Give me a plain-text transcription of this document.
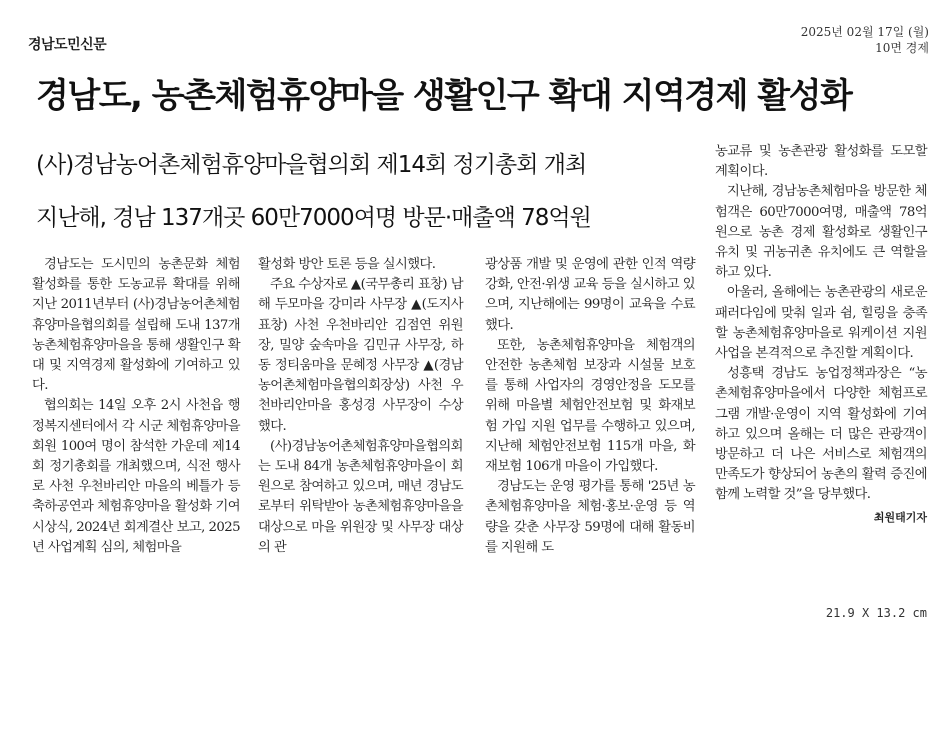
경남도민신문
2025년 02월 17일 (월)
10면 경제
경남도, 농촌체험휴양마을 생활인구 확대 지역경제 활성화
(사)경남농어촌체험휴양마을협의회 제14회 정기총회 개최
지난해, 경남 137개곳 60만7000여명 방문·매출액 78억원

경남도는 도시민의 농촌문화 체험 활성화를 통한 도농교류 확대를 위해 지난 2011년부터 (사)경남농어촌체험휴양마을협의회를 설립해 도내 137개 농촌체험휴양마을을 통해 생활인구 확대 및 지역경제 활성화에 기여하고 있다.

협의회는 14일 오후 2시 사천읍 행정복지센터에서 각 시군 체험휴양마을 회원 100여 명이 참석한 가운데 제14회 정기총회를 개최했으며, 식전 행사로 사천 우천바리안 마을의 베틀가 등 축하공연과 체험휴양마을 활성화 기여 시상식, 2024년 회계결산 보고, 2025년 사업계획 심의, 체험마을

활성화 방안 토론 등을 실시했다.

주요 수상자로 ▲(국무총리 표창) 남해 두모마을 강미라 사무장 ▲(도지사 표창) 사천 우천바리안 김점연 위원장, 밀양 숲속마을 김민규 사무장, 하동 정티움마을 문혜정 사무장 ▲(경남농어촌체험마을협의회장상) 사천 우천바리안마을 홍성경 사무장이 수상했다.

(사)경남농어촌체험휴양마을협의회는 도내 84개 농촌체험휴양마을이 회원으로 참여하고 있으며, 매년 경남도로부터 위탁받아 농촌체험휴양마을을 대상으로 마을 위원장 및 사무장 대상의 관

광상품 개발 및 운영에 관한 인적 역량강화, 안전·위생 교육 등을 실시하고 있으며, 지난해에는 99명이 교육을 수료했다.

또한, 농촌체험휴양마을 체험객의 안전한 농촌체험 보장과 시설물 보호를 통해 사업자의 경영안정을 도모를 위해 마을별 체험안전보험 및 화재보험 가입 지원 업무를 수행하고 있으며, 지난해 체험안전보험 115개 마을, 화재보험 106개 마을이 가입했다.

경남도는 운영 평가를 통해 '25년 농촌체험휴양마을 체험·홍보·운영 등 역량을 갖춘 사무장 59명에 대해 활동비를 지원해 도

농교류 및 농촌관광 활성화를 도모할 계획이다.

지난해, 경남농촌체험마을 방문한 체험객은 60만7000여명, 매출액 78억원으로 농촌 경제 활성화로 생활인구 유치 및 귀농귀촌 유치에도 큰 역할을 하고 있다.

아울러, 올해에는 농촌관광의 새로운 패러다임에 맞춰 일과 쉼, 힐링을 충족할 농촌체험휴양마을로 워케이션 지원사업을 본격적으로 추진할 계획이다.

성흥택 경남도 농업정책과장은 “농촌체험휴양마을에서 다양한 체험프로그램 개발·운영이 지역 활성화에 기여하고 있으며 올해는 더 많은 관광객이 방문하고 더 나은 서비스로 체험객의 만족도가 향상되어 농촌의 활력 증진에 함께 노력할 것”을 당부했다.

최원태기자
21.9 X 13.2 cm
